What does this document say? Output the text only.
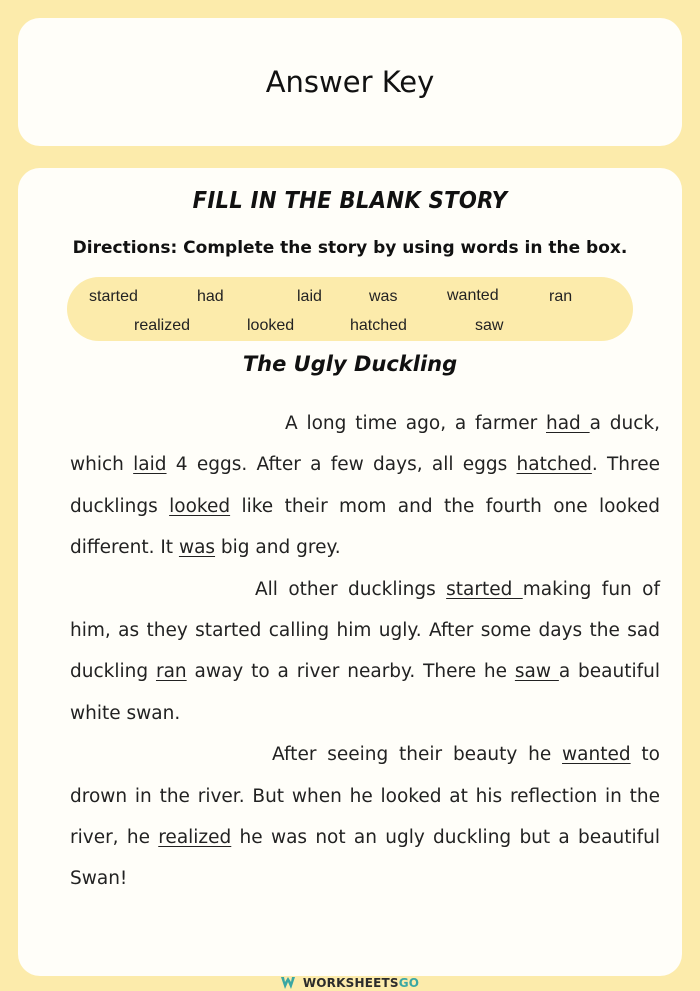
Answer Key
FILL IN THE BLANK STORY
Directions: Complete the story by using words in the box.
started	had	laid	was	wanted	ran
realized	looked	hatched	saw
The Ugly Duckling

A long time ago, a farmer had a duck, which laid 4 eggs. After a few days, all eggs hatched. Three ducklings looked like their mom and the fourth one looked different. It was big and grey.

All other ducklings started making fun of him, as they started calling him ugly. After some days the sad duckling ran away to a river nearby. There he saw a beautiful white swan.

After seeing their beauty he wanted to drown in the river. But when he looked at his reflection in the river, he realized he was not an ugly duckling but a beautiful Swan!

WORKSHEETSGO
